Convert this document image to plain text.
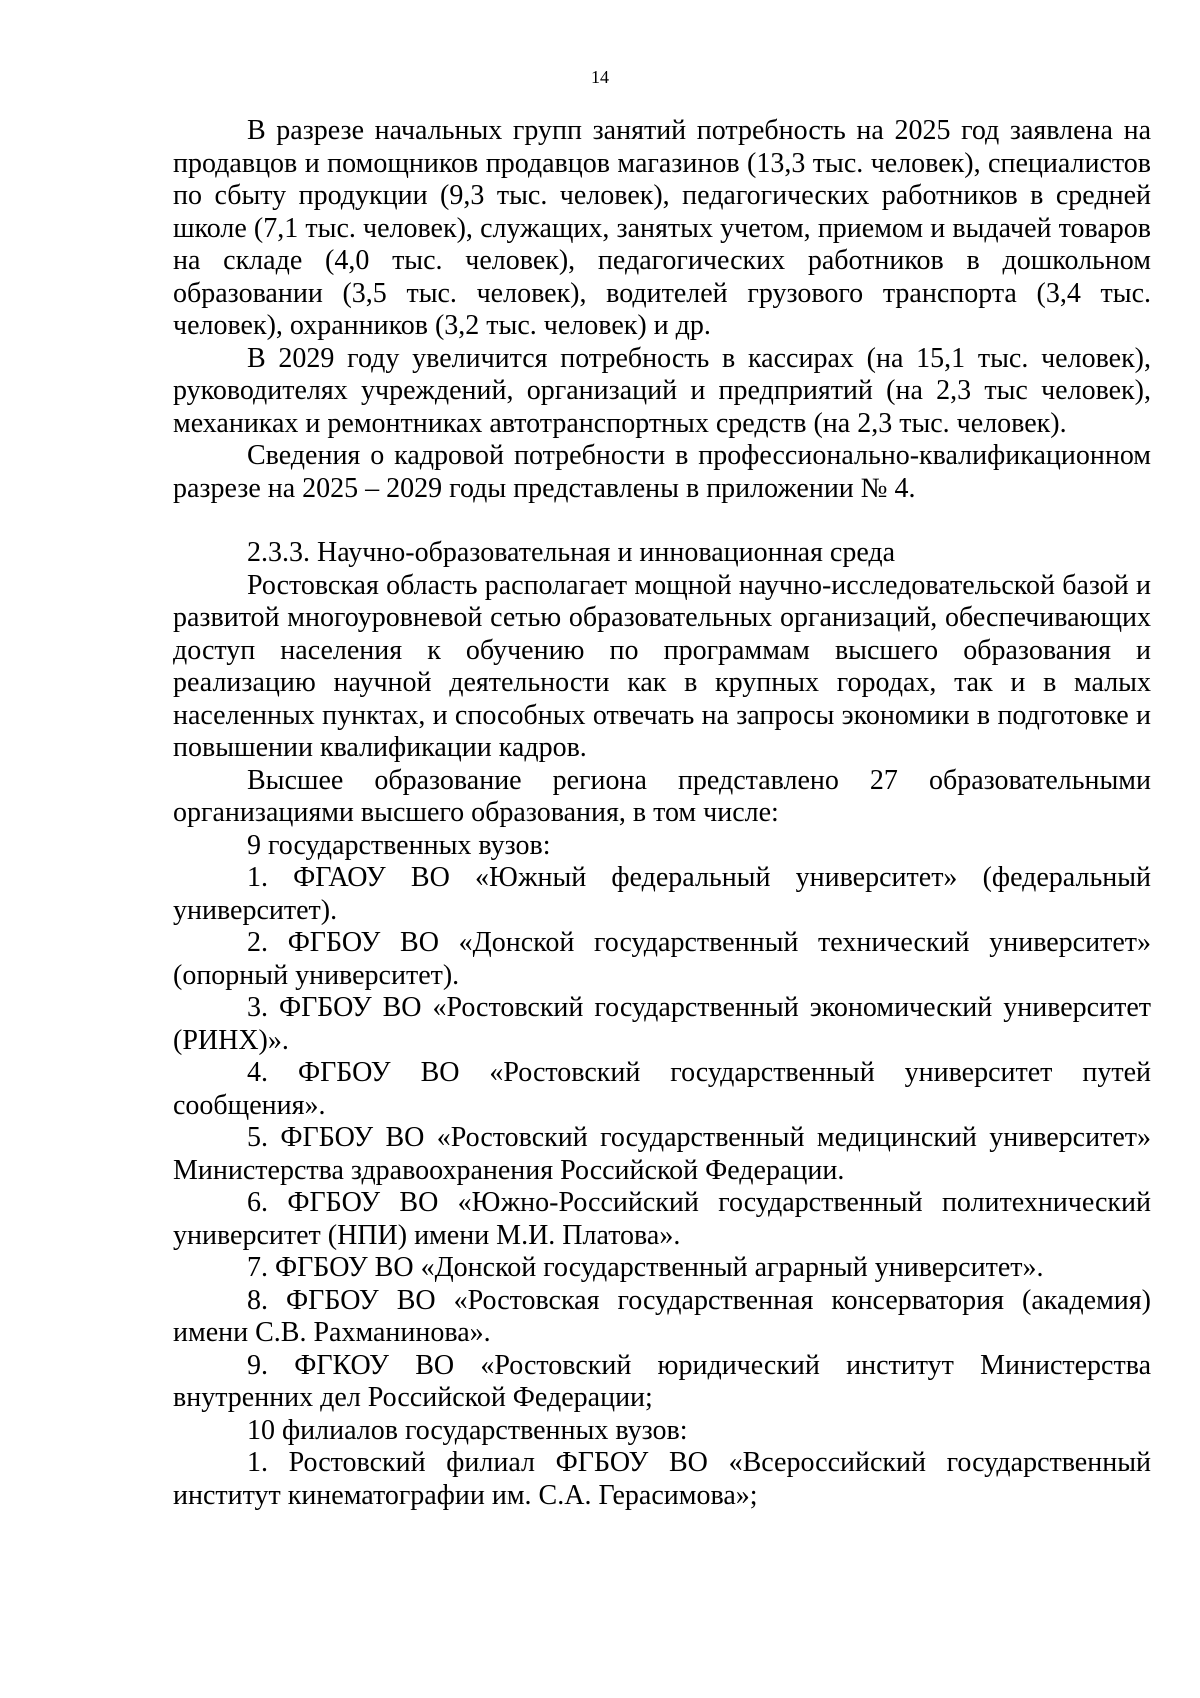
14

В разрезе начальных групп занятий потребность на 2025 год заявлена на продавцов и помощников продавцов магазинов (13,3 тыс. человек), специалистов по сбыту продукции (9,3 тыс. человек), педагогических работников в средней школе (7,1 тыс. человек), служащих, занятых учетом, приемом и выдачей товаров на складе (4,0 тыс. человек), педагогических работников в дошкольном образовании (3,5 тыс. человек), водителей грузового транспорта (3,4 тыс. человек), охранников (3,2 тыс. человек) и др.

В 2029 году увеличится потребность в кассирах (на 15,1 тыс. человек), руководителях учреждений, организаций и предприятий (на 2,3 тыс человек), механиках и ремонтниках автотранспортных средств (на 2,3 тыс. человек).

Сведения о кадровой потребности в профессионально-квалификационном разрезе на 2025 – 2029 годы представлены в приложении № 4.

2.3.3. Научно-образовательная и инновационная среда

Ростовская область располагает мощной научно-исследовательской базой и развитой многоуровневой сетью образовательных организаций, обеспечивающих доступ населения к обучению по программам высшего образования и реализацию научной деятельности как в крупных городах, так и в малых населенных пунктах, и способных отвечать на запросы экономики в подготовке и повышении квалификации кадров.

Высшее образование региона представлено 27 образовательными организациями высшего образования, в том числе:

9 государственных вузов:

1. ФГАОУ ВО «Южный федеральный университет» (федеральный университет).

2. ФГБОУ ВО «Донской государственный технический университет» (опорный университет).

3. ФГБОУ ВО «Ростовский государственный экономический университет (РИНХ)».

4. ФГБОУ ВО «Ростовский государственный университет путей сообщения».

5. ФГБОУ ВО «Ростовский государственный медицинский университет» Министерства здравоохранения Российской Федерации.

6. ФГБОУ ВО «Южно-Российский государственный политехнический университет (НПИ) имени М.И. Платова».

7. ФГБОУ ВО «Донской государственный аграрный университет».

8. ФГБОУ ВО «Ростовская государственная консерватория (академия) имени С.В. Рахманинова».

9. ФГКОУ ВО «Ростовский юридический институт Министерства внутренних дел Российской Федерации;

10 филиалов государственных вузов:

1. Ростовский филиал ФГБОУ ВО «Всероссийский государственный институт кинематографии им. С.А. Герасимова»;
